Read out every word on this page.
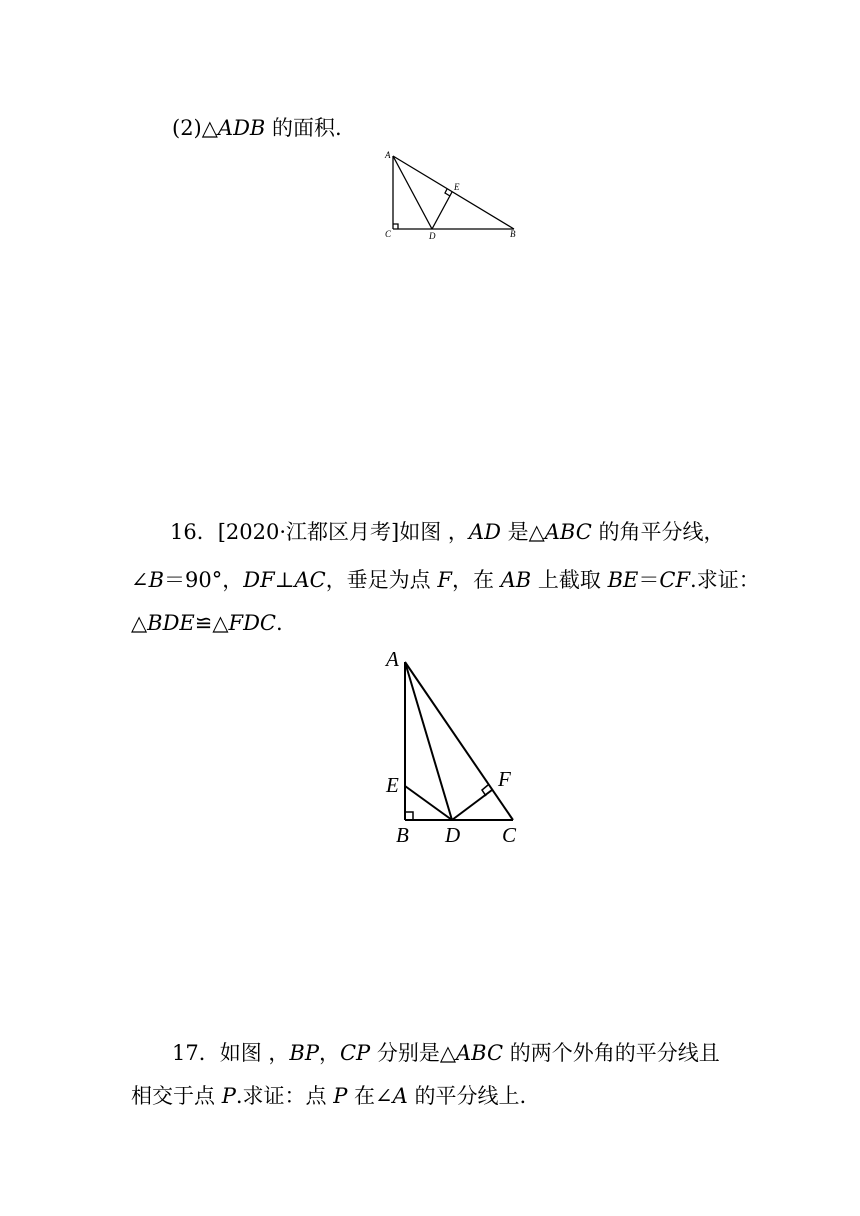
(2)△ADB 的面积.
A
E
C	D	B
16．[2020·江都区月考]如图 ，AD 是△ABC 的角平分线，
∠B＝90°，DF⊥AC，垂足为点 F，在 AB 上截取 BE＝CF.求证：
△BDE≌△FDC.
A
E	F
B D C
17．如图 ，BP，CP 分别是△ABC 的两个外角的平分线且
相交于点 P.求证：点 P 在∠A 的平分线上.
